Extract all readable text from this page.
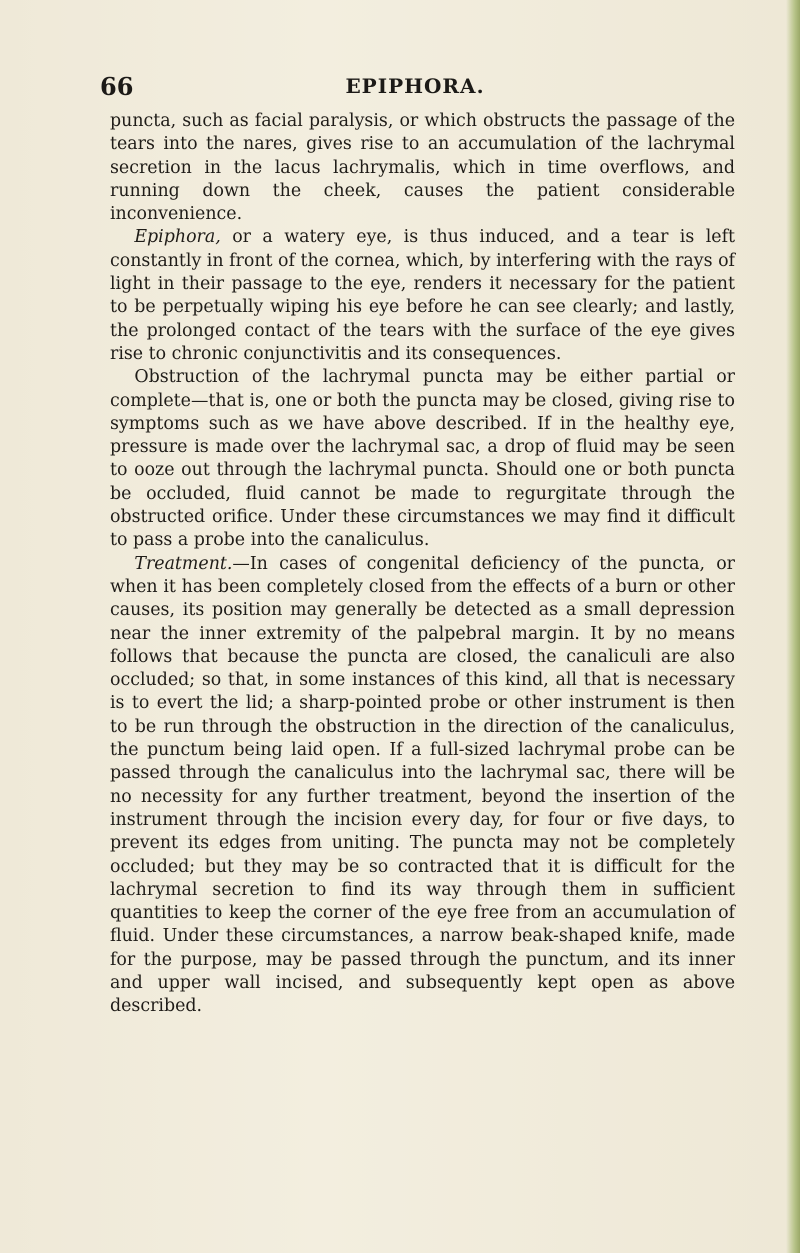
66	EPIPHORA.

puncta, such as facial paralysis, or which obstructs the passage of the tears into the nares, gives rise to an accumulation of the lachrymal secretion in the lacus lachrymalis, which in time overflows, and running down the cheek, causes the patient considerable inconvenience.

Epiphora, or a watery eye, is thus induced, and a tear is left constantly in front of the cornea, which, by interfering with the rays of light in their passage to the eye, renders it necessary for the patient to be perpetually wiping his eye before he can see clearly; and lastly, the prolonged contact of the tears with the surface of the eye gives rise to chronic conjunctivitis and its consequences.

Obstruction of the lachrymal puncta may be either partial or complete—that is, one or both the puncta may be closed, giving rise to symptoms such as we have above described. If in the healthy eye, pressure is made over the lachrymal sac, a drop of fluid may be seen to ooze out through the lachrymal puncta. Should one or both puncta be occluded, fluid cannot be made to regurgitate through the obstructed orifice. Under these circumstances we may find it difficult to pass a probe into the canaliculus.

Treatment.—In cases of congenital deficiency of the puncta, or when it has been completely closed from the effects of a burn or other causes, its position may generally be detected as a small depression near the inner extremity of the palpebral margin. It by no means follows that because the puncta are closed, the canaliculi are also occluded; so that, in some instances of this kind, all that is necessary is to evert the lid; a sharp-pointed probe or other instrument is then to be run through the obstruction in the direction of the canaliculus, the punctum being laid open. If a full-sized lachrymal probe can be passed through the canaliculus into the lachrymal sac, there will be no necessity for any further treatment, beyond the insertion of the instrument through the incision every day, for four or five days, to prevent its edges from uniting. The puncta may not be completely occluded; but they may be so contracted that it is difficult for the lachrymal secretion to find its way through them in sufficient quantities to keep the corner of the eye free from an accumulation of fluid. Under these circumstances, a narrow beak-shaped knife, made for the purpose, may be passed through the punctum, and its inner and upper wall incised, and subsequently kept open as above described.
